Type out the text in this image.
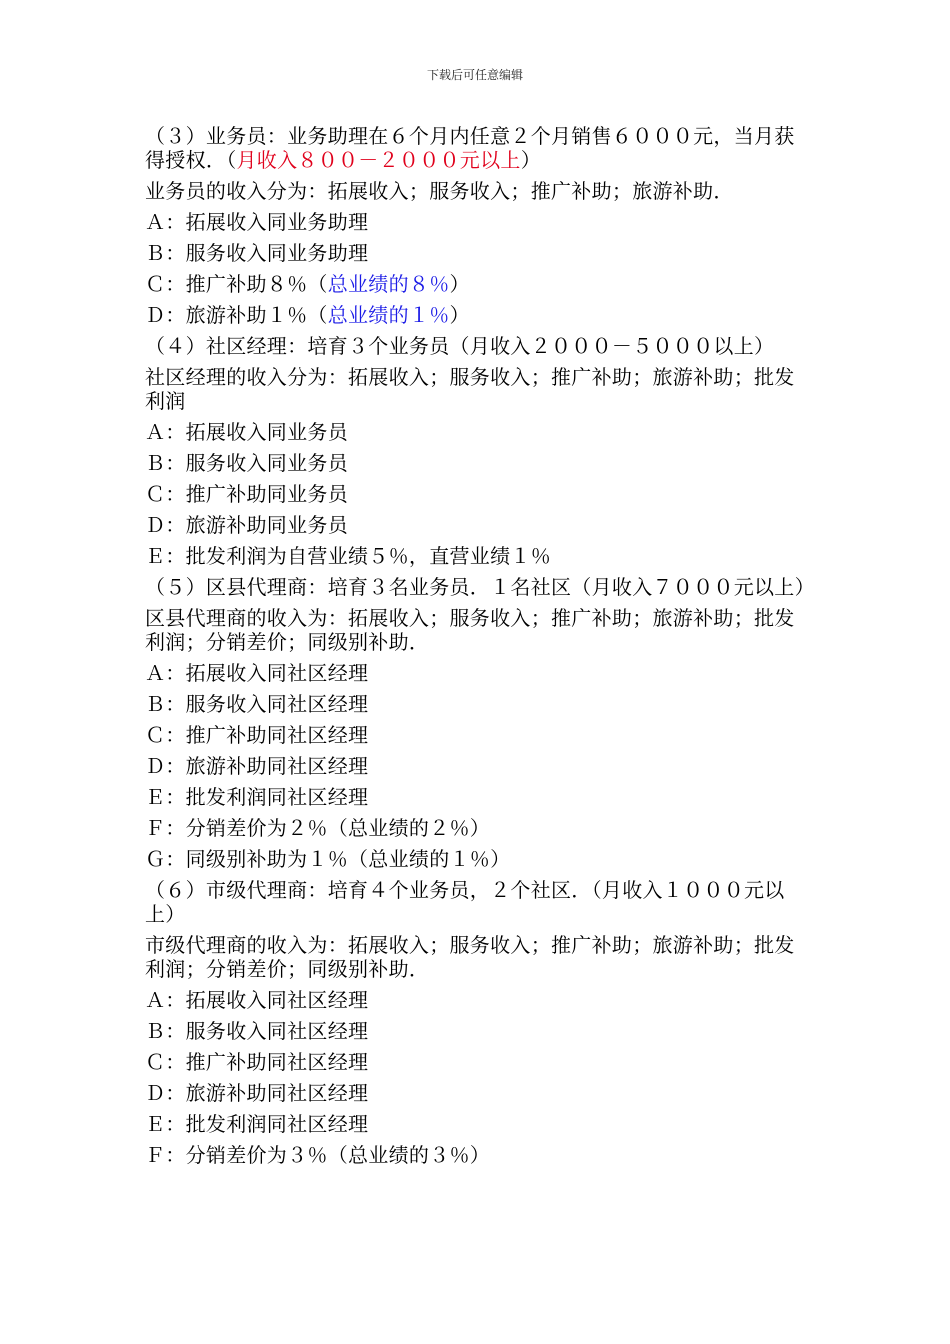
下载后可任意编辑
（３）业务员：业务助理在６个月内任意２个月销售６０００元，当月获得授权．（月收入８００－２０００元以上）
业务员的收入分为：拓展收入；服务收入；推广补助；旅游补助．
Ａ：拓展收入同业务助理
Ｂ：服务收入同业务助理
Ｃ：推广补助８％（总业绩的８％）
Ｄ：旅游补助１％（总业绩的１％）
（４）社区经理：培育３个业务员（月收入２０００－５０００以上）
社区经理的收入分为：拓展收入；服务收入；推广补助；旅游补助；批发利润
Ａ：拓展收入同业务员
Ｂ：服务收入同业务员
Ｃ：推广补助同业务员
Ｄ：旅游补助同业务员
Ｅ：批发利润为自营业绩５％，直营业绩１％
（５）区县代理商：培育３名业务员．１名社区（月收入７０００元以上）
区县代理商的收入为：拓展收入；服务收入；推广补助；旅游补助；批发利润；分销差价；同级别补助．
Ａ：拓展收入同社区经理
Ｂ：服务收入同社区经理
Ｃ：推广补助同社区经理
Ｄ：旅游补助同社区经理
Ｅ：批发利润同社区经理
Ｆ：分销差价为２％（总业绩的２％）
Ｇ：同级别补助为１％（总业绩的１％）
（６）市级代理商：培育４个业务员，２个社区．（月收入１０００元以上）
市级代理商的收入为：拓展收入；服务收入；推广补助；旅游补助；批发利润；分销差价；同级别补助．
Ａ：拓展收入同社区经理
Ｂ：服务收入同社区经理
Ｃ：推广补助同社区经理
Ｄ：旅游补助同社区经理
Ｅ：批发利润同社区经理
Ｆ：分销差价为３％（总业绩的３％）
